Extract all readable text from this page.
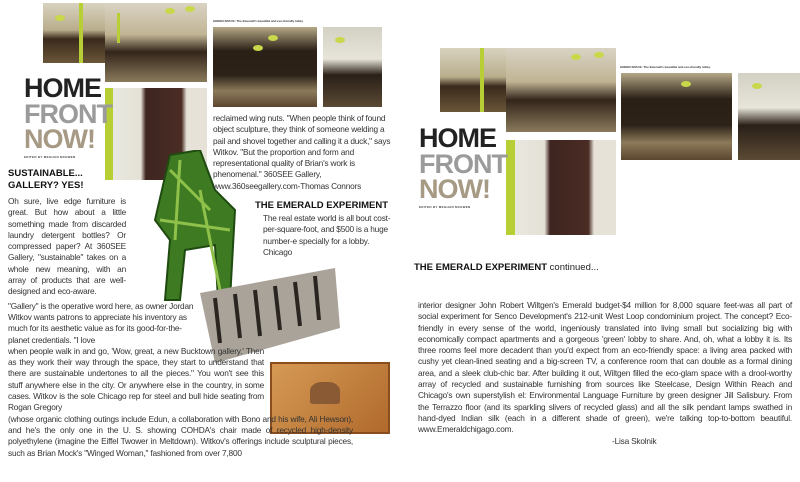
GREEN SPACE: The Emerald's beautiful and eco-friendly lobby
HOME
FRONT
NOW!
EDITED BY MEGHAN MCEWEN
SUSTAINABLE... GALLERY? YES!
Oh sure, live edge furniture is great. But how about a little something made from discarded laundry detergent bottles? Or compressed paper? At 360SEE Gallery, "sustainable" takes on a whole new meaning, with an array of products that are well-designed and eco-aware.
"Gallery" is the operative word here, as owner Jordan Witkov wants patrons to appreciate his inventory as much for its aesthetic value as for its good-for-the-planet credentials. "I love
when people walk in and go, 'Wow, great, a new Bucktown gallery.' Then as they work their way through the space, they start to understand that there are sustainable undertones to all the pieces." You won't see this stuff anywhere else in the city. Or anywhere else in the country, in some cases. Witkov is the sole Chicago rep for steel and bull hide seating from Rogan Gregory
(whose organic clothing outings include Edun, a collaboration with Bono and his wife, Ali Hewson), and he's the only one in the U. S. showing COHDA's chair made of recycled high-density polyethylene (imagine the Eiffel Twower in Meltdown). Witkov's offerings include sculptural pieces, such as Brian Mock's "Winged Woman," fashioned from over 7,800
reclaimed wing nuts. "When people think of found object sculpture, they think of someone welding a pail and shovel together and calling it a duck," says Witkov. "But the proportion and form and representational quality of Brian's work is phenomenal." 360SEE Gallery, www.360seegallery.com-Thomas Connors
THE EMERALD EXPERIMENT
The real estate world is all bout cost-per-square-foot, and $500 is a huge number-e specially for a lobby. Chicago
GREEN SPACE: The Emerald's beautiful and eco-friendly lobby.
HOME
FRONT
NOW!
EDITED BY MEGHAN MCEWEN
THE EMERALD EXPERIMENT continued...
interior designer John Robert Wiltgen's Emerald budget-$4 million for 8,000 square feet-was all part of social experiment for Senco Development's 212-unit West Loop condominium project. The concept? Eco-friendly in every sense of the world, ingeniously translated into living small but socializing big with economically compact apartments and a gorgeous 'green' lobby to share. And, oh, what a lobby it is. Its three rooms feel more decadent than you'd expect from an eco-friendly space: a living area packed with cushy yet clean-lined seating and a big-screen TV, a conference room that can double as a formal dining area, and a sleek club-chic bar. After building it out, Wiltgen filled the eco-glam space with a drool-worthy array of recycled and sustainable furnishing from sources like Steelcase, Design Within Reach and Chicago's own superstylish el: Environmental Language Furniture by green designer Jill Salisbury. From the Terrazzo floor (and its sparkling slivers of recycled glass) and all the silk pendant lamps swathed in hand-dyed Indian silk (each in a different shade of green), we're talking top-to-bottom beautiful. www.Emeraldchigago.com.
-Lisa Skolnik
